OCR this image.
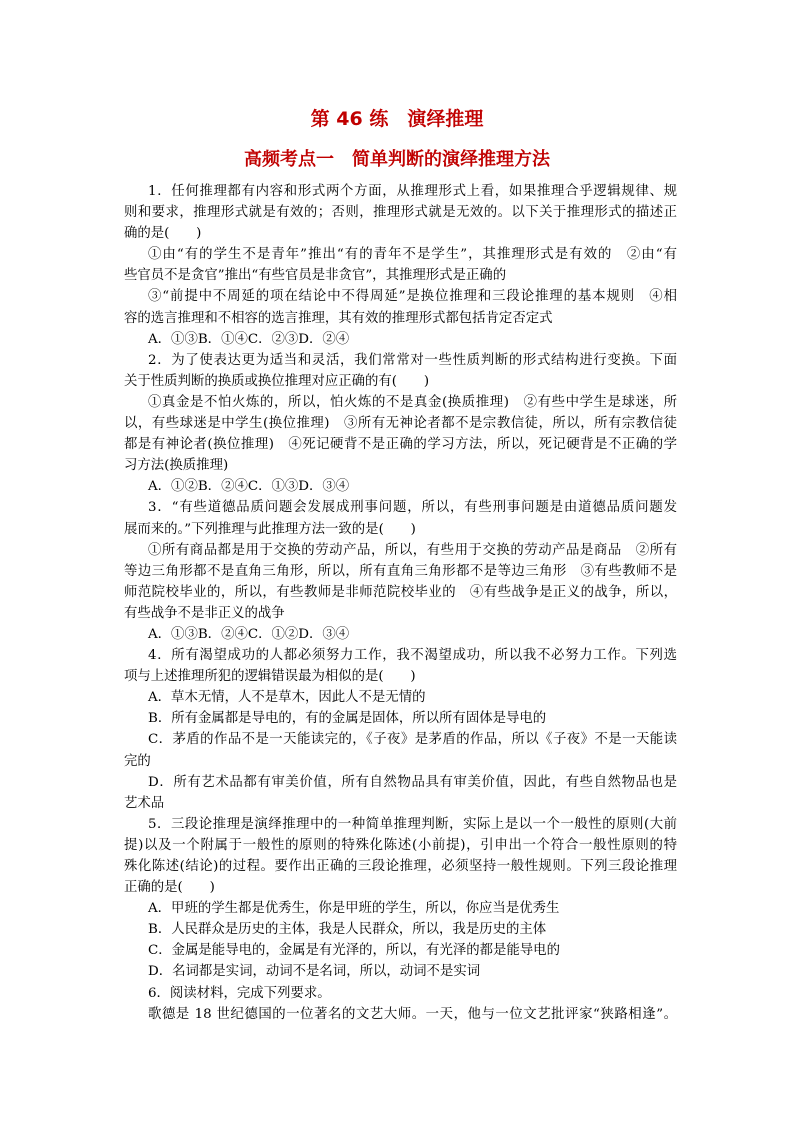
第 46 练　演绎推理
高频考点一　简单判断的演绎推理方法
1．任何推理都有内容和形式两个方面，从推理形式上看，如果推理合乎逻辑规律、规
则和要求，推理形式就是有效的；否则，推理形式就是无效的。以下关于推理形式的描述正
确的是(　　)
①由“有的学生不是青年”推出“有的青年不是学生”，其推理形式是有效的　②由“有
些官员不是贪官”推出“有些官员是非贪官”，其推理形式是正确的
③“前提中不周延的项在结论中不得周延”是换位推理和三段论推理的基本规则　④相
容的选言推理和不相容的选言推理，其有效的推理形式都包括肯定否定式
A．①③B．①④C．②③D．②④
2．为了使表达更为适当和灵活，我们常常对一些性质判断的形式结构进行变换。下面
关于性质判断的换质或换位推理对应正确的有(　　)
①真金是不怕火炼的，所以，怕火炼的不是真金(换质推理)　②有些中学生是球迷，所
以，有些球迷是中学生(换位推理)　③所有无神论者都不是宗教信徒，所以，所有宗教信徒
都是有神论者(换位推理)　④死记硬背不是正确的学习方法，所以，死记硬背是不正确的学
习方法(换质推理)
A．①②B．②④C．①③D．③④
3．“有些道德品质问题会发展成刑事问题，所以，有些刑事问题是由道德品质问题发
展而来的。”下列推理与此推理方法一致的是(　　)
①所有商品都是用于交换的劳动产品，所以，有些用于交换的劳动产品是商品　②所有
等边三角形都不是直角三角形，所以，所有直角三角形都不是等边三角形　③有些教师不是
师范院校毕业的，所以，有些教师是非师范院校毕业的　④有些战争是正义的战争，所以，
有些战争不是非正义的战争
A．①③B．②④C．①②D．③④
4．所有渴望成功的人都必须努力工作，我不渴望成功，所以我不必努力工作。下列选
项与上述推理所犯的逻辑错误最为相似的是(　　)
A．草木无情，人不是草木，因此人不是无情的
B．所有金属都是导电的，有的金属是固体，所以所有固体是导电的
C．茅盾的作品不是一天能读完的，《子夜》是茅盾的作品，所以《子夜》不是一天能读
完的
D．所有艺术品都有审美价值，所有自然物品具有审美价值，因此，有些自然物品也是
艺术品
5．三段论推理是演绎推理中的一种简单推理判断，实际上是以一个一般性的原则(大前
提)以及一个附属于一般性的原则的特殊化陈述(小前提)，引申出一个符合一般性原则的特
殊化陈述(结论)的过程。要作出正确的三段论推理，必须坚持一般性规则。下列三段论推理
正确的是(　　)
A．甲班的学生都是优秀生，你是甲班的学生，所以，你应当是优秀生
B．人民群众是历史的主体，我是人民群众，所以，我是历史的主体
C．金属是能导电的，金属是有光泽的，所以，有光泽的都是能导电的
D．名词都是实词，动词不是名词，所以，动词不是实词
6．阅读材料，完成下列要求。
歌德是 18 世纪德国的一位著名的文艺大师。一天，他与一位文艺批评家“狭路相逢”。
